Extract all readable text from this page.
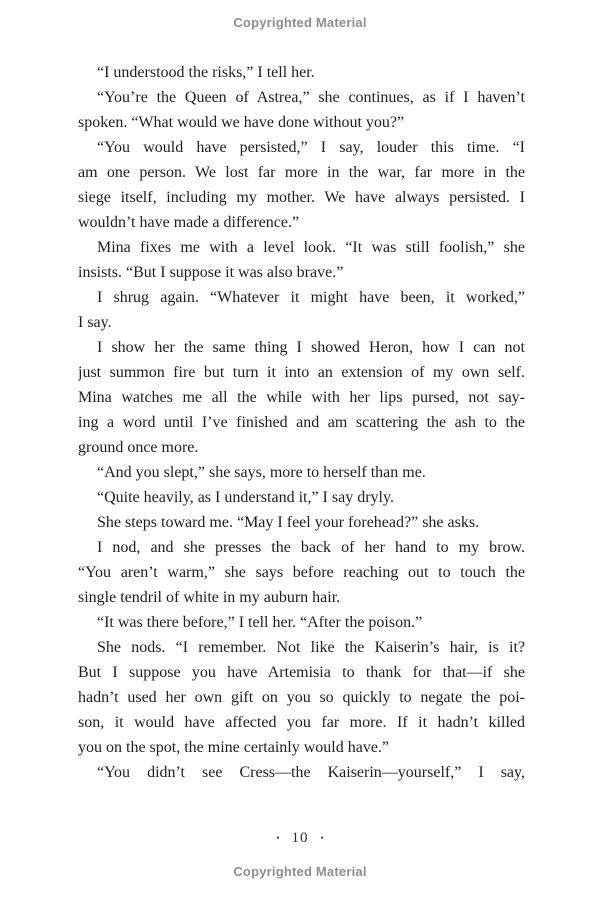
Copyrighted Material
“I understood the risks,” I tell her.
“You’re the Queen of Astrea,” she continues, as if I haven’t
spoken. “What would we have done without you?”
“You would have persisted,” I say, louder this time. “I
am one person. We lost far more in the war, far more in the
siege itself, including my mother. We have always persisted. I
wouldn’t have made a difference.”
Mina fixes me with a level look. “It was still foolish,” she
insists. “But I suppose it was also brave.”
I shrug again. “Whatever it might have been, it worked,”
I say.
I show her the same thing I showed Heron, how I can not
just summon fire but turn it into an extension of my own self.
Mina watches me all the while with her lips pursed, not say-
ing a word until I’ve finished and am scattering the ash to the
ground once more.
“And you slept,” she says, more to herself than me.
“Quite heavily, as I understand it,” I say dryly.
She steps toward me. “May I feel your forehead?” she asks.
I nod, and she presses the back of her hand to my brow.
“You aren’t warm,” she says before reaching out to touch the
single tendril of white in my auburn hair.
“It was there before,” I tell her. “After the poison.”
She nods. “I remember. Not like the Kaiserin’s hair, is it?
But I suppose you have Artemisia to thank for that—if she
hadn’t used her own gift on you so quickly to negate the poi-
son, it would have affected you far more. If it hadn’t killed
you on the spot, the mine certainly would have.”
“You didn’t see Cress—the Kaiserin—yourself,” I say,
• 10 •
Copyrighted Material
